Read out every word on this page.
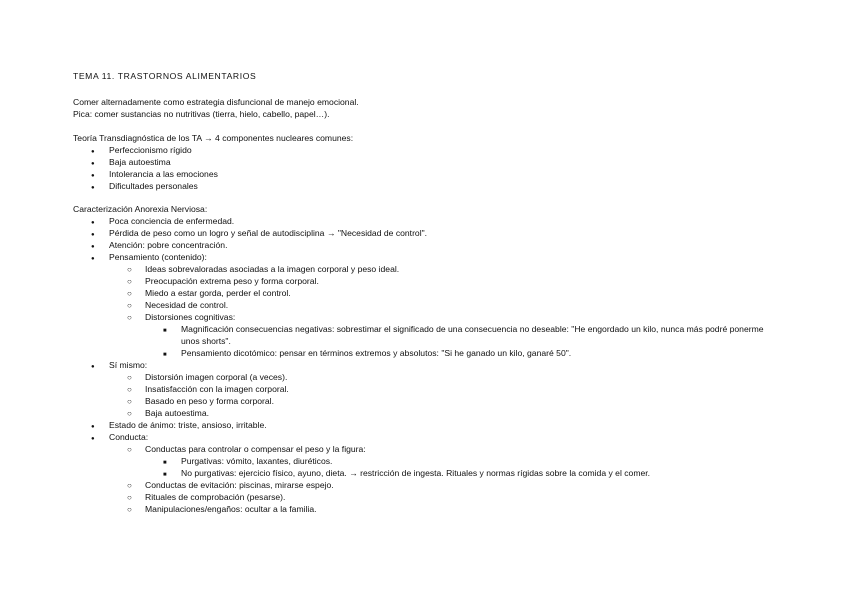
TEMA 11. TRASTORNOS ALIMENTARIOS
Comer alternadamente como estrategia disfuncional de manejo emocional.
Pica: comer sustancias no nutritivas (tierra, hielo, cabello, papel…).
Teoría Transdiagnóstica de los TA → 4 componentes nucleares comunes:
●
Perfeccionismo rígido
●
Baja autoestima
●
Intolerancia a las emociones
●
Dificultades personales
Caracterización Anorexia Nerviosa:
●
Poca conciencia de enfermedad.
●
Pérdida de peso como un logro y señal de autodisciplina → "Necesidad de control".
●
Atención: pobre concentración.
●
Pensamiento (contenido):
○
Ideas sobrevaloradas asociadas a la imagen corporal y peso ideal.
○
Preocupación extrema peso y forma corporal.
○
Miedo a estar gorda, perder el control.
○
Necesidad de control.
○
Distorsiones cognitivas:
■
Magnificación consecuencias negativas: sobrestimar el significado de una consecuencia no deseable: "He engordado un kilo, nunca más podré ponerme unos shorts".
■
Pensamiento dicotómico: pensar en términos extremos y absolutos: "Si he ganado un kilo, ganaré 50".
●
Sí mismo:
○
Distorsión imagen corporal (a veces).
○
Insatisfacción con la imagen corporal.
○
Basado en peso y forma corporal.
○
Baja autoestima.
●
Estado de ánimo: triste, ansioso, irritable.
●
Conducta:
○
Conductas para controlar o compensar el peso y la figura:
■
Purgativas: vómito, laxantes, diuréticos.
■
No purgativas: ejercicio físico, ayuno, dieta. → restricción de ingesta. Rituales y normas rígidas sobre la comida y el comer.
○
Conductas de evitación: piscinas, mirarse espejo.
○
Rituales de comprobación (pesarse).
○
Manipulaciones/engaños: ocultar a la familia.
